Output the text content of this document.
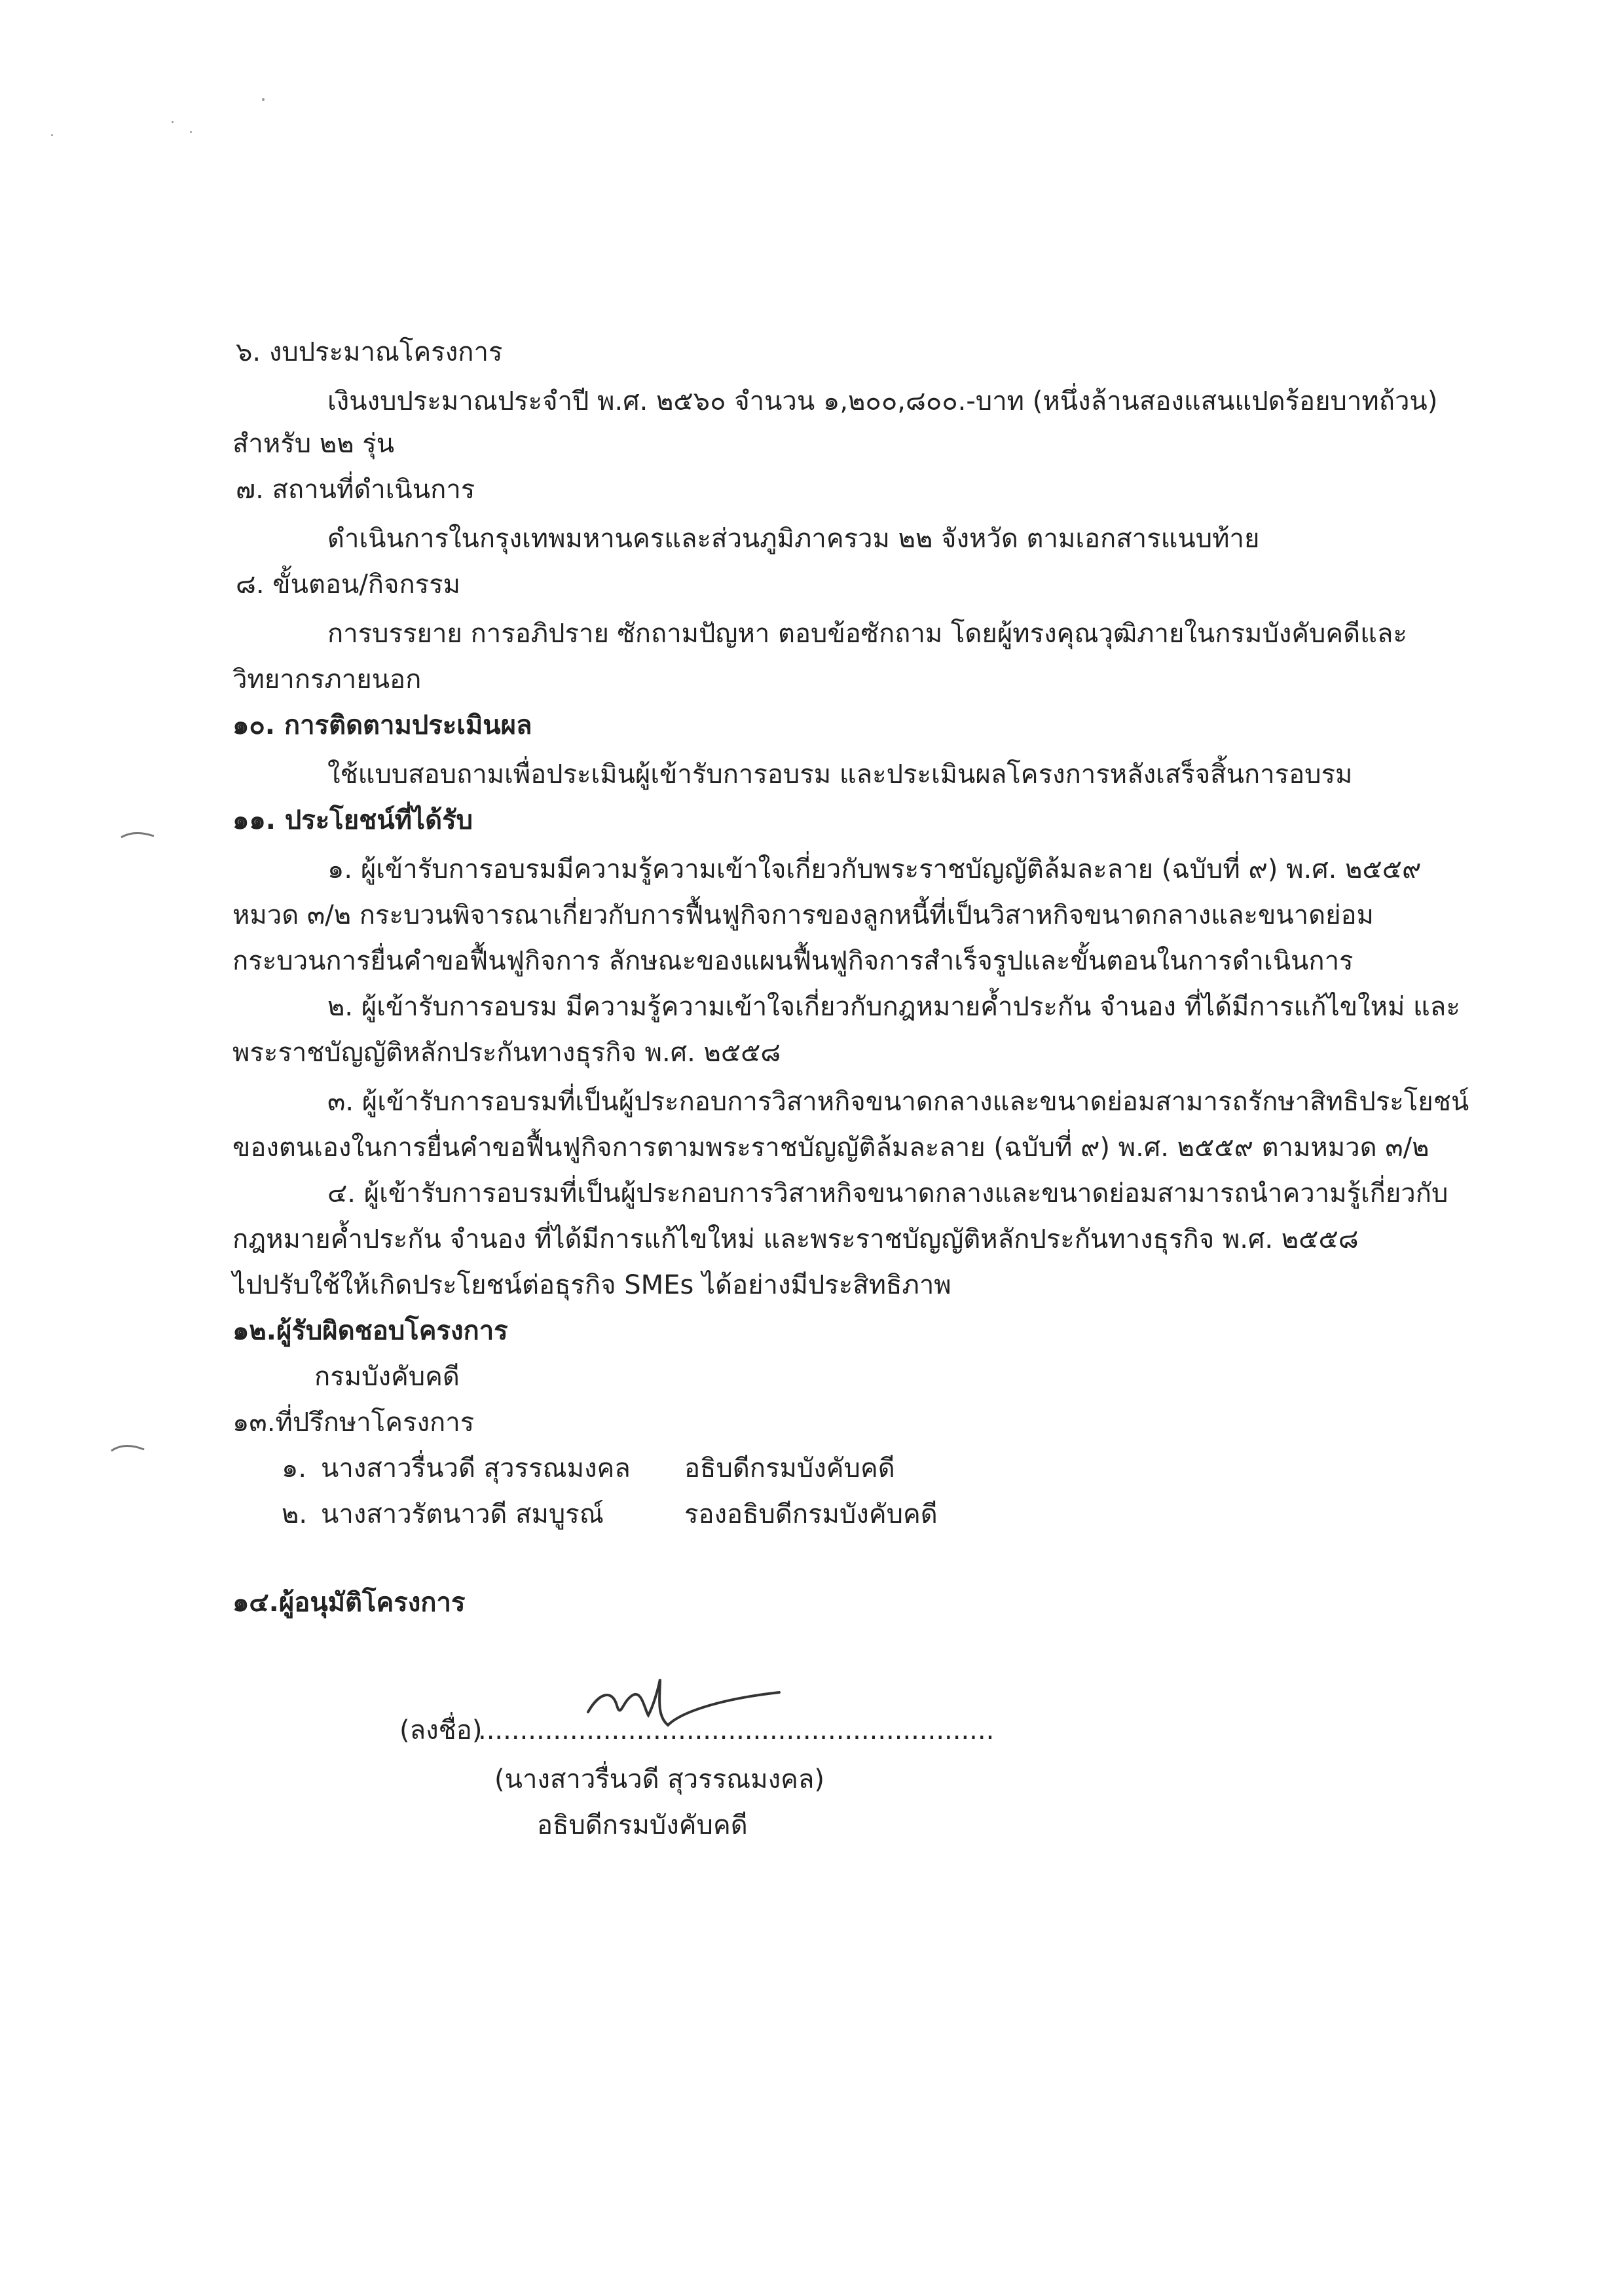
๖. งบประมาณโครงการ
เงินงบประมาณประจำปี พ.ศ. ๒๕๖๐ จำนวน ๑,๒๐๐,๘๐๐.-บาท (หนึ่งล้านสองแสนแปดร้อยบาทถ้วน)
สำหรับ ๒๒ รุ่น
๗. สถานที่ดำเนินการ
ดำเนินการในกรุงเทพมหานครและส่วนภูมิภาครวม ๒๒ จังหวัด ตามเอกสารแนบท้าย
๘. ขั้นตอน/กิจกรรม
การบรรยาย การอภิปราย ซักถามปัญหา ตอบข้อซักถาม โดยผู้ทรงคุณวุฒิภายในกรมบังคับคดีและ
วิทยากรภายนอก
๑๐. การติดตามประเมินผล
ใช้แบบสอบถามเพื่อประเมินผู้เข้ารับการอบรม และประเมินผลโครงการหลังเสร็จสิ้นการอบรม
๑๑. ประโยชน์ที่ได้รับ
๑. ผู้เข้ารับการอบรมมีความรู้ความเข้าใจเกี่ยวกับพระราชบัญญัติล้มละลาย (ฉบับที่ ๙) พ.ศ. ๒๕๕๙
หมวด ๓/๒ กระบวนพิจารณาเกี่ยวกับการฟื้นฟูกิจการของลูกหนี้ที่เป็นวิสาหกิจขนาดกลางและขนาดย่อม
กระบวนการยื่นคำขอฟื้นฟูกิจการ ลักษณะของแผนฟื้นฟูกิจการสำเร็จรูปและขั้นตอนในการดำเนินการ
๒. ผู้เข้ารับการอบรม มีความรู้ความเข้าใจเกี่ยวกับกฎหมายค้ำประกัน จำนอง ที่ได้มีการแก้ไขใหม่ และ
พระราชบัญญัติหลักประกันทางธุรกิจ พ.ศ. ๒๕๕๘
๓. ผู้เข้ารับการอบรมที่เป็นผู้ประกอบการวิสาหกิจขนาดกลางและขนาดย่อมสามารถรักษาสิทธิประโยชน์
ของตนเองในการยื่นคำขอฟื้นฟูกิจการตามพระราชบัญญัติล้มละลาย (ฉบับที่ ๙) พ.ศ. ๒๕๕๙ ตามหมวด ๓/๒
๔. ผู้เข้ารับการอบรมที่เป็นผู้ประกอบการวิสาหกิจขนาดกลางและขนาดย่อมสามารถนำความรู้เกี่ยวกับ
กฎหมายค้ำประกัน จำนอง ที่ได้มีการแก้ไขใหม่ และพระราชบัญญัติหลักประกันทางธุรกิจ พ.ศ. ๒๕๕๘
ไปปรับใช้ให้เกิดประโยชน์ต่อธุรกิจ SMEs ได้อย่างมีประสิทธิภาพ
๑๒.ผู้รับผิดชอบโครงการ
กรมบังคับคดี
๑๓.ที่ปรึกษาโครงการ
๑. นางสาวรื่นวดี สุวรรณมงคล อธิบดีกรมบังคับคดี
๒. นางสาวรัตนาวดี สมบูรณ์	รองอธิบดีกรมบังคับคดี
๑๔.ผู้อนุมัติโครงการ
(ลงชื่อ)
..............................................................
(นางสาวรื่นวดี สุวรรณมงคล)
อธิบดีกรมบังคับคดี
